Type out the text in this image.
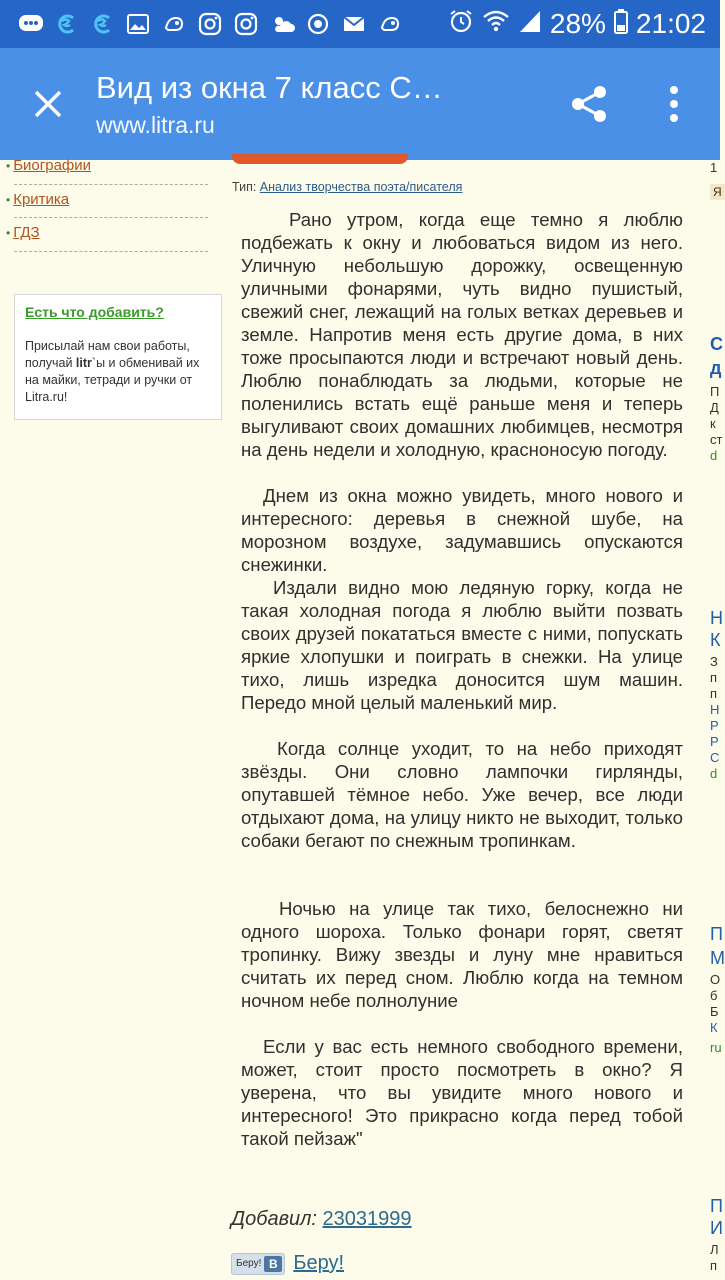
28% 21:02
Вид из окна 7 класс С…
www.litra.ru
• Биографии
• Критика
• ГДЗ
Есть что добавить?

Присылай нам свои работы, получай litr`ы и обменивай их на майки, тетради и ручки от Litra.ru!

Тип: Анализ творчества поэта/писателя

Рано утром, когда еще темно я люблю подбежать к окну и любоваться видом из него. Уличную небольшую дорожку, освещенную уличными фонарями, чуть видно пушистый, свежий снег, лежащий на голых ветках деревьев и земле. Напротив меня есть другие дома, в них тоже просыпаются люди и встречают новый день. Люблю понаблюдать за людьми, которые не поленились встать ещё раньше меня и теперь выгуливают своих домашних любимцев, несмотря на день недели и холодную, красноносую погоду.

Днем из окна можно увидеть, много нового и интересного: деревья в снежной шубе, на морозном воздухе, задумавшись опускаются снежинки.

Издали видно мою ледяную горку, когда не такая холодная погода я люблю выйти позвать своих друзей покататься вместе с ними, попускать яркие хлопушки и поиграть в снежки. На улице тихо, лишь изредка доносится шум машин. Передо мной целый маленький мир.

Когда солнце уходит, то на небо приходят звёзды. Они словно лампочки гирлянды, опутавшей тёмное небо. Уже вечер, все люди отдыхают дома, на улицу никто не выходит, только собаки бегают по снежным тропинкам.

Ночью на улице так тихо, белоснежно ни одного шороха. Только фонари горят, светят тропинку. Вижу звезды и луну мне нравиться считать их перед сном. Люблю когда на темном ночном небе полнолуние

Если у вас есть немного свободного времени, может, стоит просто посмотреть в окно? Я уверена, что вы увидите много нового и интересного! Это прикрасно когда перед тобой такой пейзаж"

Добавил: 23031999
Беру! В Беру!
1
Я
С
д
П
Д
к
ст
d
Н
К
З
п
п
Н
Р
Р
С
d
П
М
О
б
Б
К
ru
П
И
Л
п
